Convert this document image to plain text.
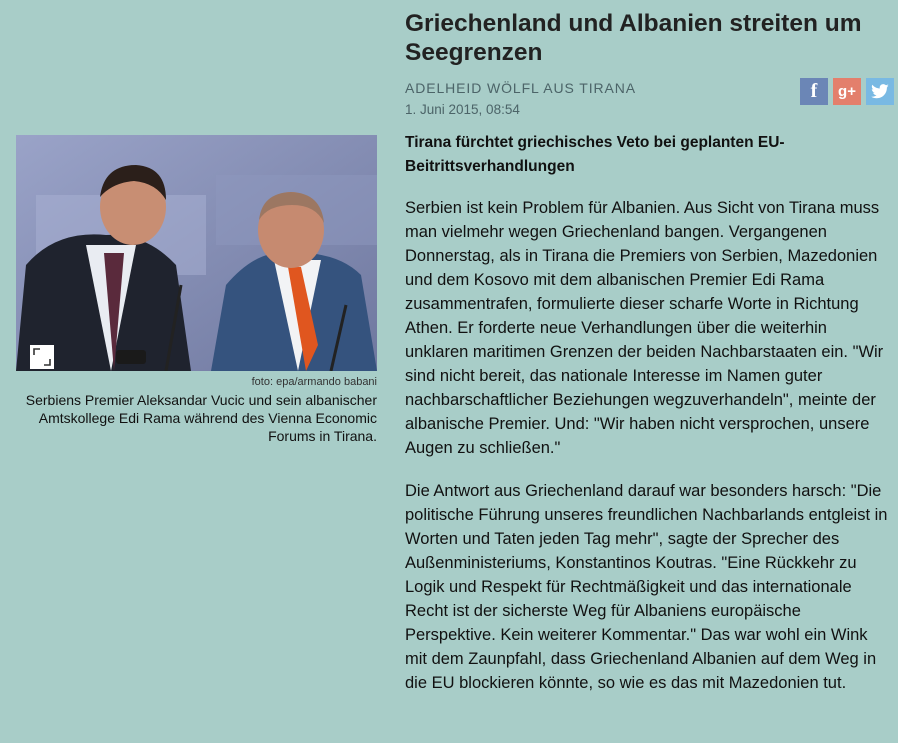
Griechenland und Albanien streiten um Seegrenzen
ADELHEID WÖLFL AUS TIRANA
1. Juni 2015, 08:54
f g+

Tirana fürchtet griechisches Veto bei geplanten EU-Beitrittsverhandlungen

Serbien ist kein Problem für Albanien. Aus Sicht von Tirana muss man vielmehr wegen Griechenland bangen. Vergangenen Donnerstag, als in Tirana die Premiers von Serbien, Mazedonien und dem Kosovo mit dem albanischen Premier Edi Rama zusammentrafen, formulierte dieser scharfe Worte in Richtung Athen. Er forderte neue Verhandlungen über die weiterhin unklaren maritimen Grenzen der beiden Nachbarstaaten ein. "Wir sind nicht bereit, das nationale Interesse im Namen guter nachbarschaftlicher Beziehungen wegzuverhandeln", meinte der albanische Premier. Und: "Wir haben nicht versprochen, unsere Augen zu schließen."

Die Antwort aus Griechenland darauf war besonders harsch: "Die politische Führung unseres freundlichen Nachbarlands entgleist in Worten und Taten jeden Tag mehr", sagte der Sprecher des Außenministeriums, Konstantinos Koutras. "Eine Rückkehr zu Logik und Respekt für Rechtmäßigkeit und das internationale Recht ist der sicherste Weg für Albaniens europäische Perspektive. Kein weiterer Kommentar." Das war wohl ein Wink mit dem Zaunpfahl, dass Griechenland Albanien auf dem Weg in die EU blockieren könnte, so wie es das mit Mazedonien tut.

foto: epa/armando babani

Serbiens Premier Aleksandar Vucic und sein albanischer Amtskollege Edi Rama während des Vienna Economic Forums in Tirana.
